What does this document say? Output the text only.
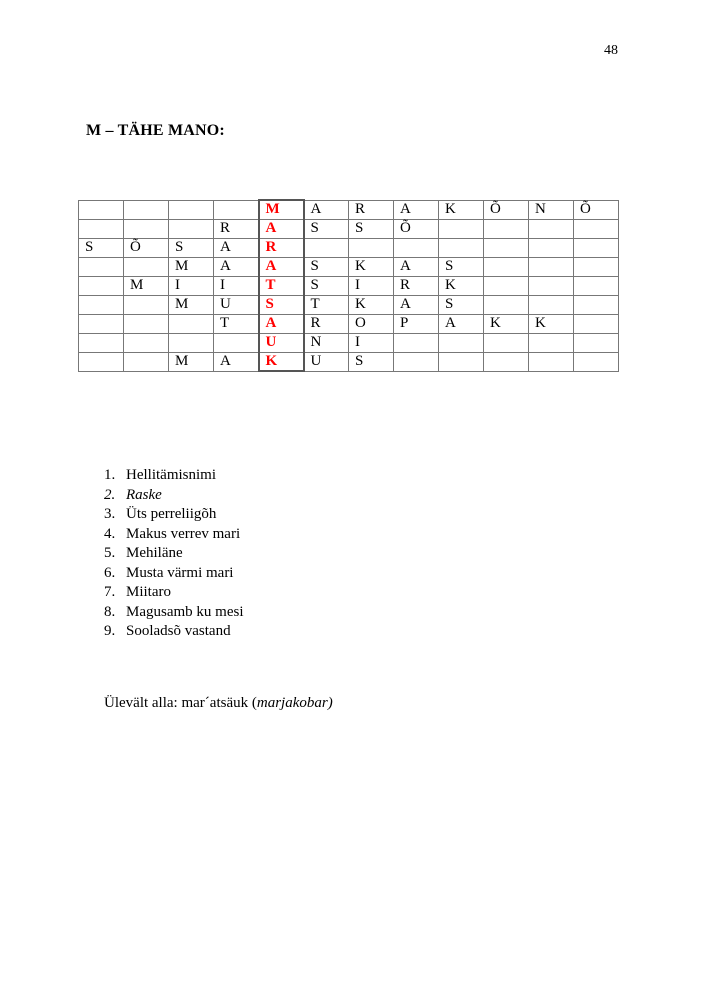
48
M – TÄHE MANO:
				M	A	R	A	K	Õ	N	Õ
			R	A	S	S	Õ				
S	Õ	S	A	R							
		M	A	A	S	K	A	S			
	M	I	I	T	S	I	R	K			
		M	U	S	T	K	A	S			
			T	A	R	O	P	A	K	K	
				U	N	I					
		M	A	K	U	S					
1. Hellitämisnimi
2. Raske
3. Üts perreliigõh
4. Makus verrev mari
5. Mehiläne
6. Musta värmi mari
7. Miitaro
8. Magusamb ku mesi
9. Sooladsõ vastand
Ülevält alla: mar´atsäuk (marjakobar)
